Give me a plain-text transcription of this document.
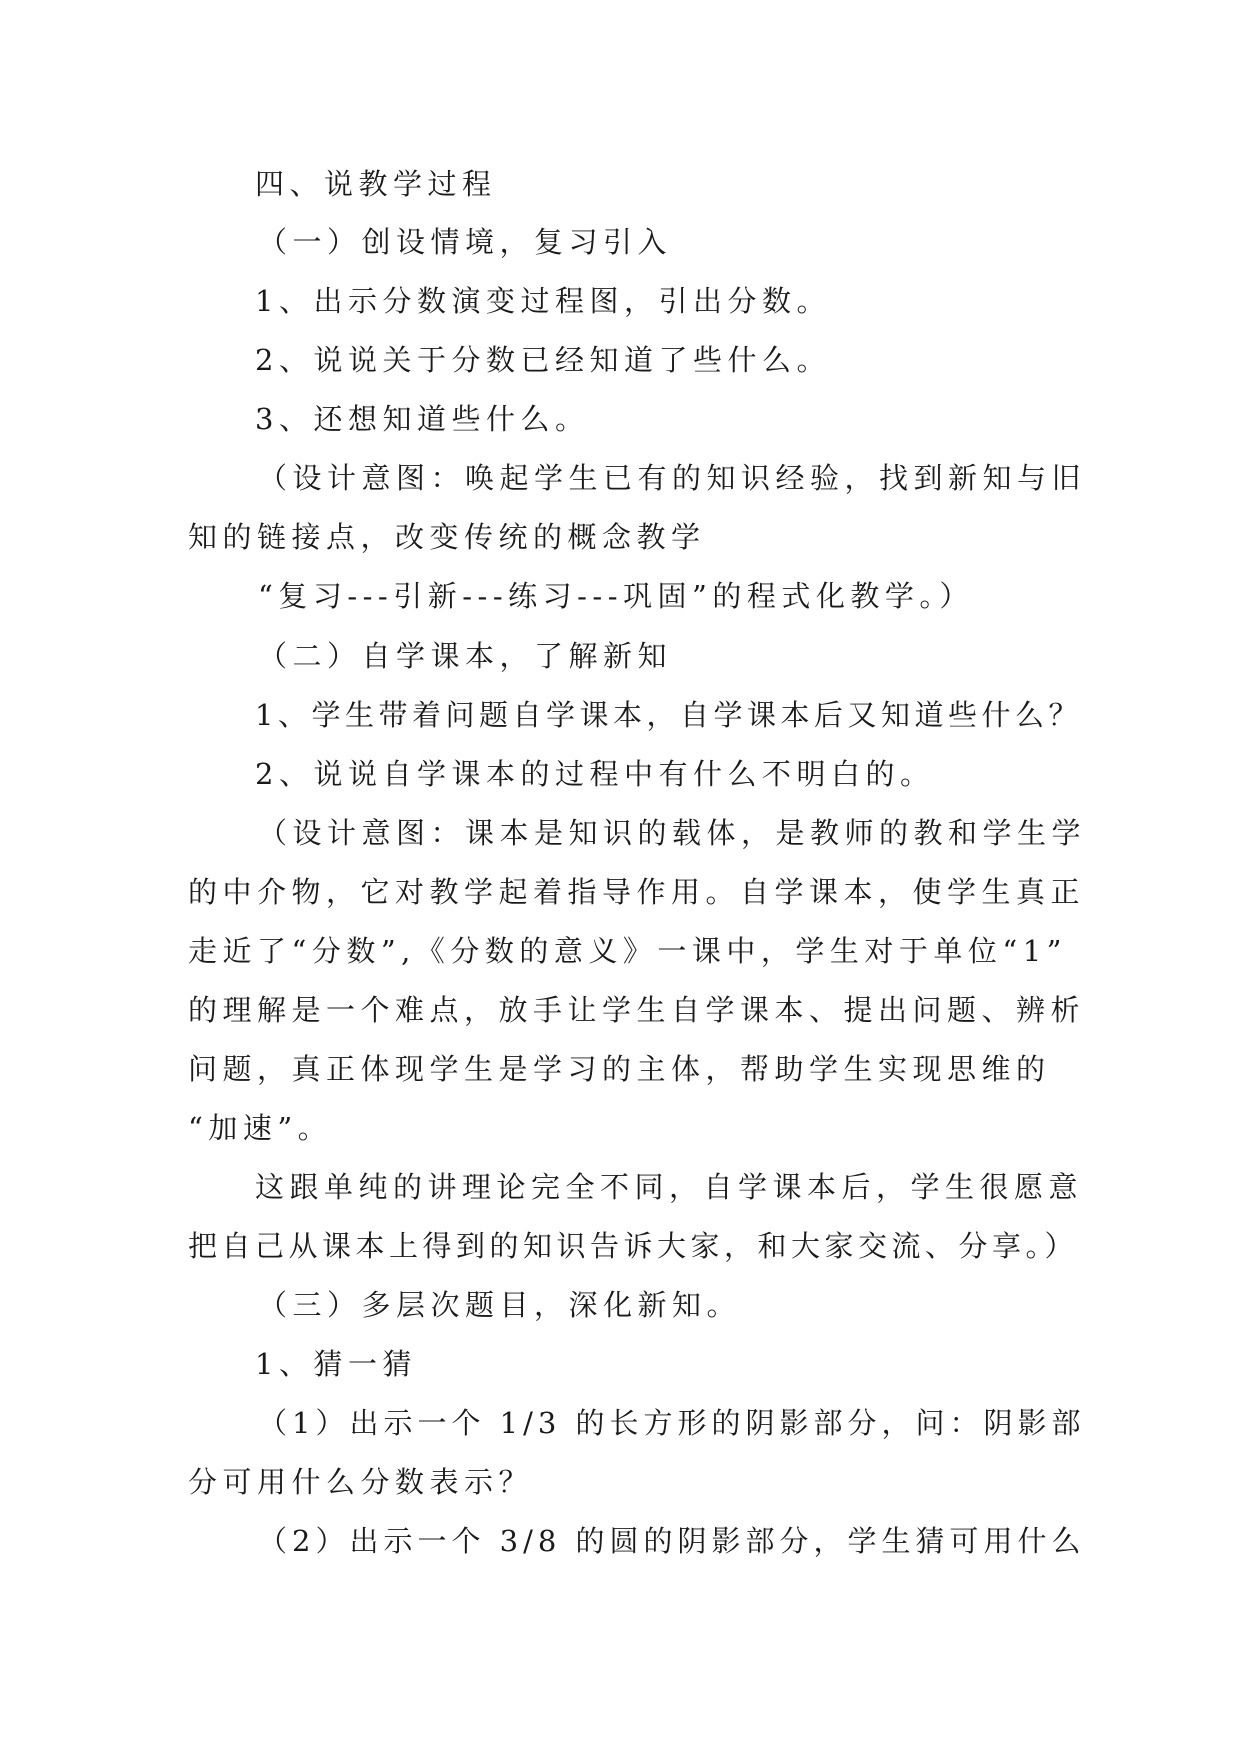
四、说教学过程
（一）创设情境，复习引入
1、出示分数演变过程图，引出分数。
2、说说关于分数已经知道了些什么。
3、还想知道些什么。
（设计意图：唤起学生已有的知识经验，找到新知与旧
知的链接点，改变传统的概念教学
“复习---引新---练习---巩固”的程式化教学。）
（二）自学课本，了解新知
1、学生带着问题自学课本，自学课本后又知道些什么？
2、说说自学课本的过程中有什么不明白的。
（设计意图：课本是知识的载体，是教师的教和学生学
的中介物，它对教学起着指导作用。自学课本，使学生真正
走近了“分数”,《分数的意义》一课中，学生对于单位“1”
的理解是一个难点，放手让学生自学课本、提出问题、辨析
问题，真正体现学生是学习的主体，帮助学生实现思维的
“加速”。
这跟单纯的讲理论完全不同，自学课本后，学生很愿意
把自己从课本上得到的知识告诉大家，和大家交流、分享。）
（三）多层次题目，深化新知。
1、猜一猜
（1）出示一个 1/3 的长方形的阴影部分，问：阴影部
分可用什么分数表示？
（2）出示一个 3/8 的圆的阴影部分，学生猜可用什么
